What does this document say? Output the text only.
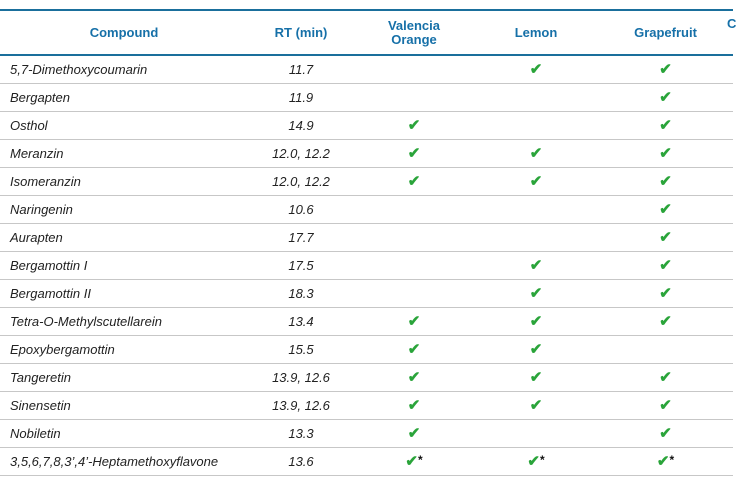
Compound	RT (min)	Valencia
Orange	Lemon	Grapefruit
5,7-Dimethoxycoumarin	11.7		✔	✔
Bergapten	11.9			✔
Osthol	14.9	✔		✔
Meranzin	12.0, 12.2	✔	✔	✔
Isomeranzin	12.0, 12.2	✔	✔	✔
Naringenin	10.6			✔
Aurapten	17.7			✔
Bergamottin I	17.5		✔	✔
Bergamottin II	18.3		✔	✔
Tetra-O-Methylscutellarein	13.4	✔	✔	✔
Epoxybergamottin	15.5	✔	✔	
Tangeretin	13.9, 12.6	✔	✔	✔
Sinensetin	13.9, 12.6	✔	✔	✔
Nobiletin	13.3	✔		✔
3,5,6,7,8,3’,4’-Heptamethoxyflavone	13.6	✔*	✔*	✔*
C
